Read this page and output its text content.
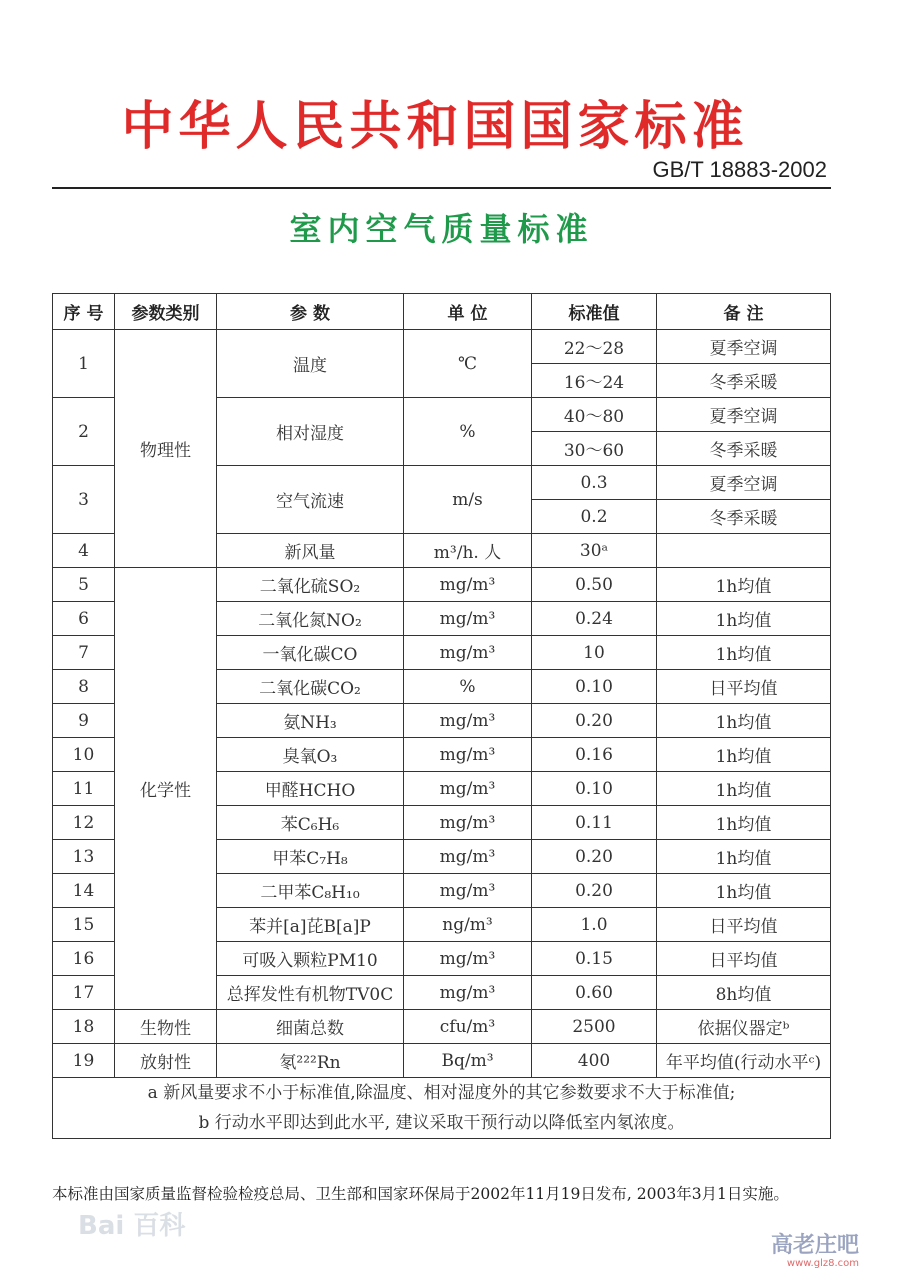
中华人民共和国国家标准
GB/T 18883-2002
室内空气质量标准
序 号	参数类别	参 数	单 位	标准值	备 注
1	物理性	温度	℃	22～28	夏季空调
				16～24	冬季采暖
2		相对湿度	%	40～80	夏季空调
				30～60	冬季采暖
3		空气流速	m/s	0.3	夏季空调
				0.2	冬季采暖
4		新风量	m³/h. 人	30ᵃ	
5	化学性	二氧化硫SO₂	mg/m³	0.50	1h均值
6		二氧化氮NO₂	mg/m³	0.24	1h均值
7		一氧化碳CO	mg/m³	10	1h均值
8		二氧化碳CO₂	%	0.10	日平均值
9		氨NH₃	mg/m³	0.20	1h均值
10		臭氧O₃	mg/m³	0.16	1h均值
11		甲醛HCHO	mg/m³	0.10	1h均值
12		苯C₆H₆	mg/m³	0.11	1h均值
13		甲苯C₇H₈	mg/m³	0.20	1h均值
14		二甲苯C₈H₁₀	mg/m³	0.20	1h均值
15		苯并[a]芘B[a]P	ng/m³	1.0	日平均值
16		可吸入颗粒PM10	mg/m³	0.15	日平均值
17		总挥发性有机物TV0C	mg/m³	0.60	8h均值
18	生物性	细菌总数	cfu/m³	2500	依据仪器定ᵇ
19	放射性	氡²²²Rn	Bq/m³	400	年平均值(行动水平ᶜ)

a 新风量要求不小于标准值,除温度、相对湿度外的其它参数要求不大于标准值;
b 行动水平即达到此水平, 建议采取干预行动以降低室内氡浓度。					
本标准由国家质量监督检验检疫总局、卫生部和国家环保局于2002年11月19日发布, 2003年3月1日实施。
Bai 百科
高老庄吧
www.glz8.com
